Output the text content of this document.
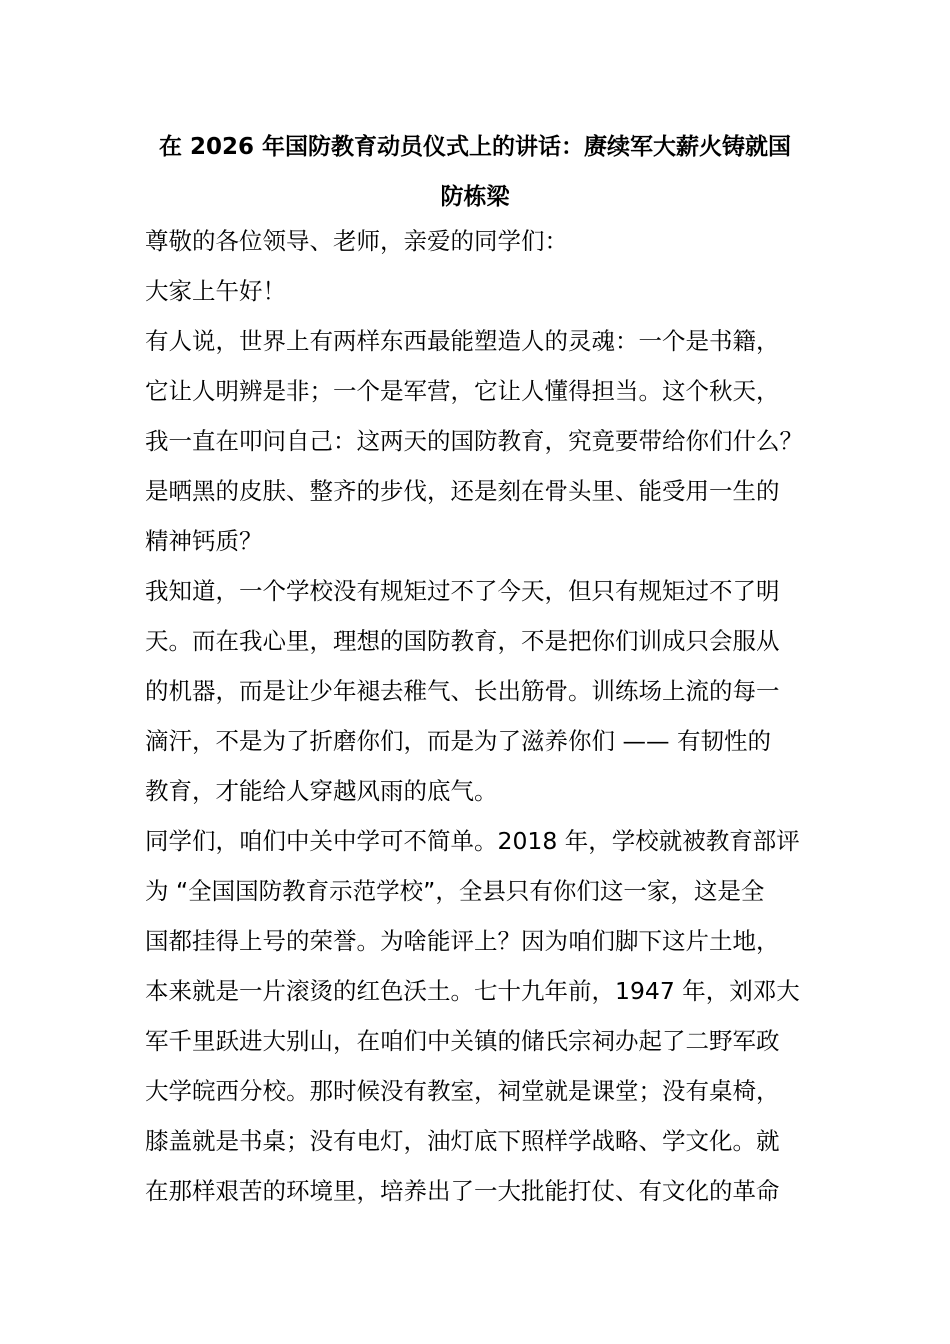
在 2026 年国防教育动员仪式上的讲话：赓续军大薪火铸就国
防栋梁
尊敬的各位领导、老师，亲爱的同学们：
大家上午好！
有人说，世界上有两样东西最能塑造人的灵魂：一个是书籍，
它让人明辨是非；一个是军营，它让人懂得担当。这个秋天，
我一直在叩问自己：这两天的国防教育，究竟要带给你们什么？
是晒黑的皮肤、整齐的步伐，还是刻在骨头里、能受用一生的
精神钙质？
我知道，一个学校没有规矩过不了今天，但只有规矩过不了明
天。而在我心里，理想的国防教育，不是把你们训成只会服从
的机器，而是让少年褪去稚气、长出筋骨。训练场上流的每一
滴汗，不是为了折磨你们，而是为了滋养你们 —— 有韧性的
教育，才能给人穿越风雨的底气。
同学们，咱们中关中学可不简单。2018 年，学校就被教育部评
为 “全国国防教育示范学校”，全县只有你们这一家，这是全
国都挂得上号的荣誉。为啥能评上？因为咱们脚下这片土地，
本来就是一片滚烫的红色沃土。七十九年前，1947 年，刘邓大
军千里跃进大别山，在咱们中关镇的储氏宗祠办起了二野军政
大学皖西分校。那时候没有教室，祠堂就是课堂；没有桌椅，
膝盖就是书桌；没有电灯，油灯底下照样学战略、学文化。就
在那样艰苦的环境里，培养出了一大批能打仗、有文化的革命
